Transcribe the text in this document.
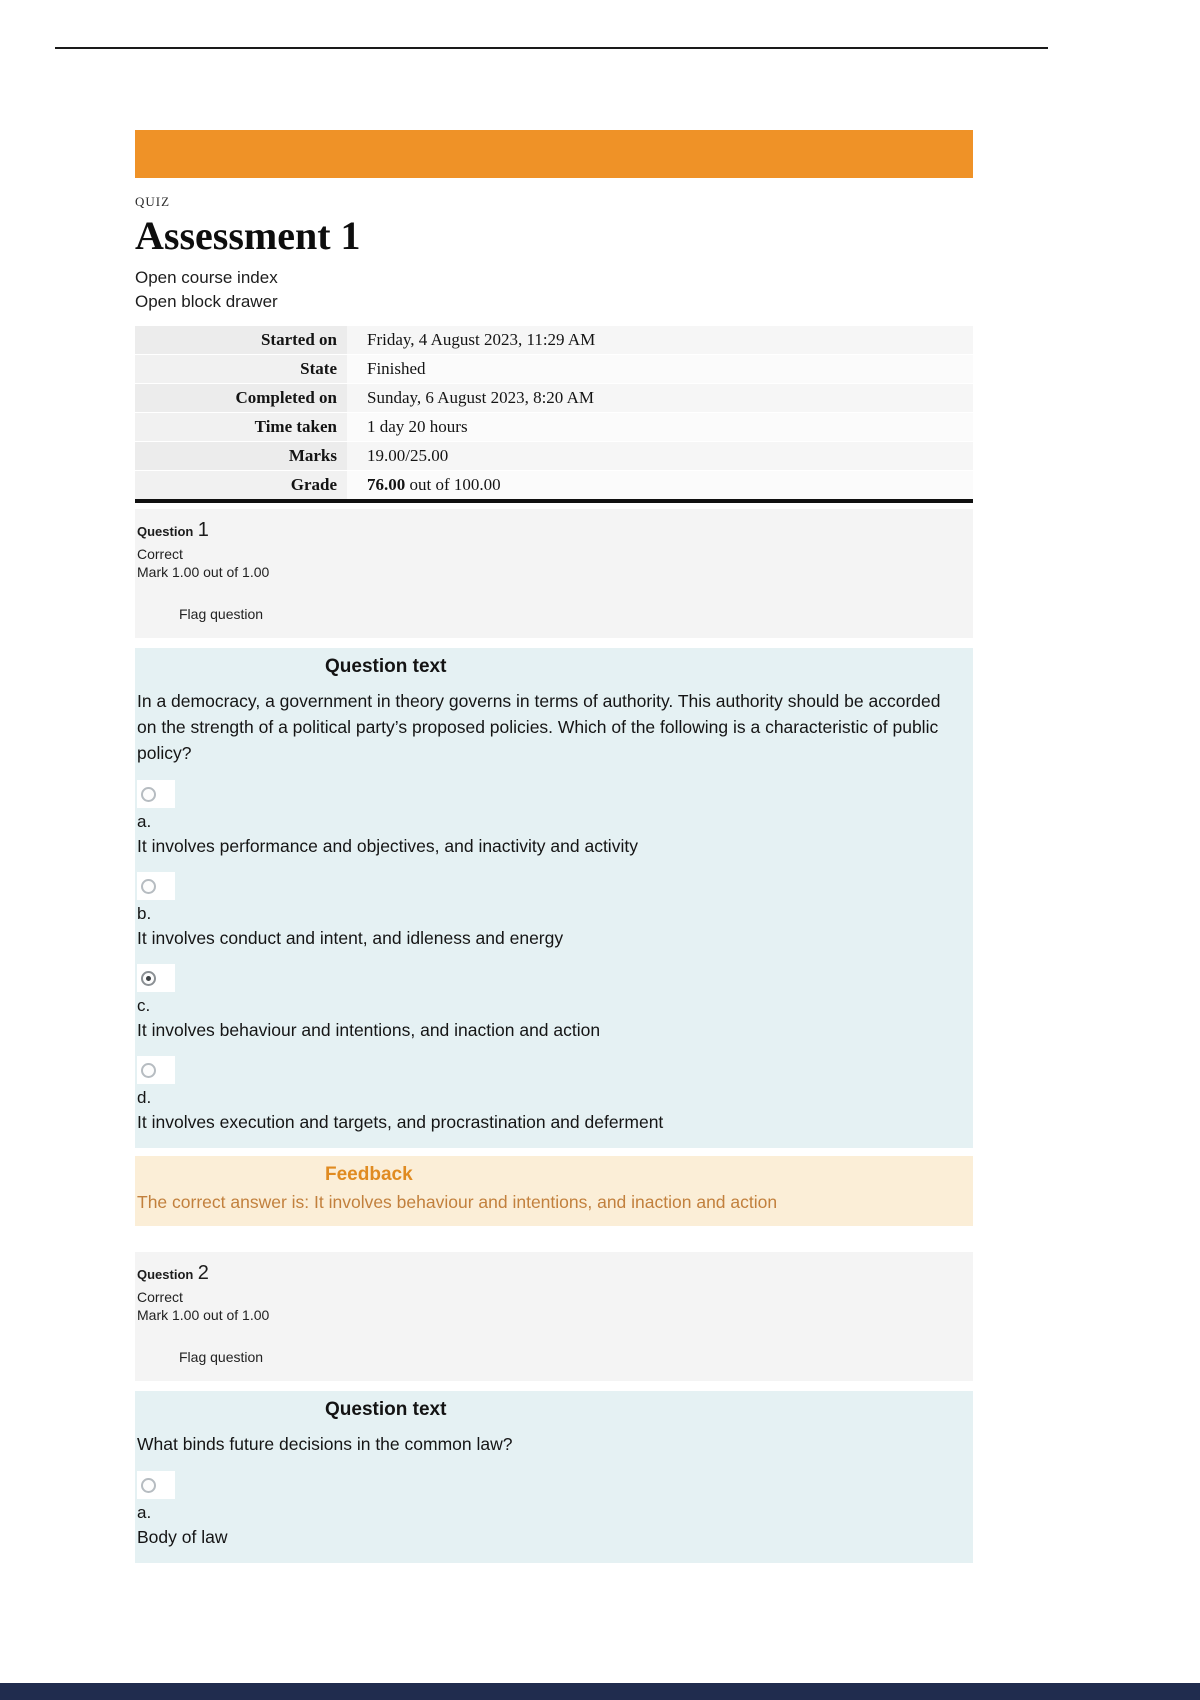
QUIZ
Assessment 1
Open course index
Open block drawer
Started on	Friday, 4 August 2023, 11:29 AM
State	Finished
Completed on	Sunday, 6 August 2023, 8:20 AM
Time taken	1 day 20 hours
Marks	19.00/25.00
Grade	76.00 out of 100.00
Question 1
Correct
Mark 1.00 out of 1.00
Flag question
Question text

In a democracy, a government in theory governs in terms of authority. This authority should be accorded on the strength of a political party’s proposed policies. Which of the following is a characteristic of public policy?

a.
It involves performance and objectives, and inactivity and activity
b.
It involves conduct and intent, and idleness and energy
c.
It involves behaviour and intentions, and inaction and action
d.
It involves execution and targets, and procrastination and deferment
Feedback
The correct answer is: It involves behaviour and intentions, and inaction and action
Question 2
Correct
Mark 1.00 out of 1.00
Flag question
Question text

What binds future decisions in the common law?

a.
Body of law
